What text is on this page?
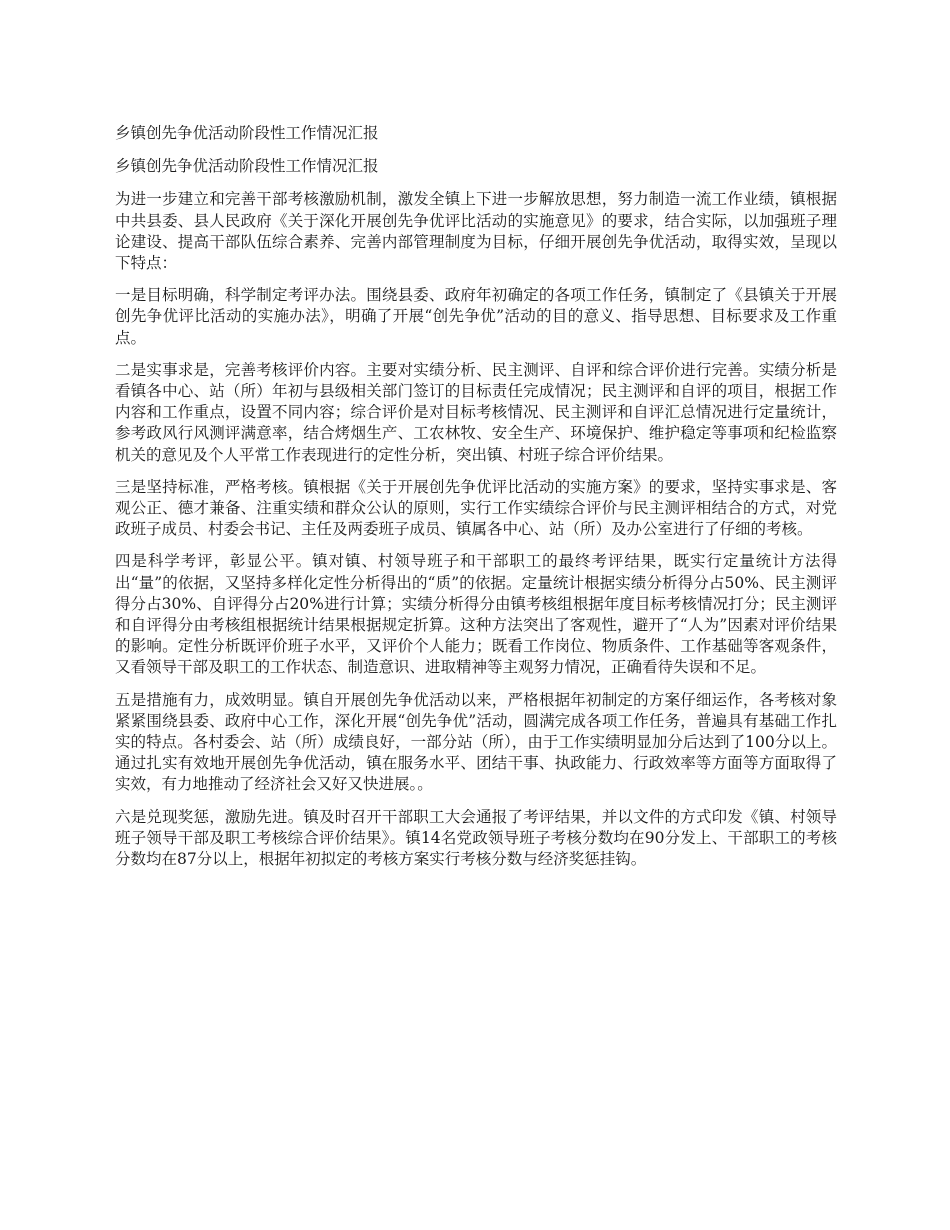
乡镇创先争优活动阶段性工作情况汇报

乡镇创先争优活动阶段性工作情况汇报

为进一步建立和完善干部考核激励机制，激发全镇上下进一步解放思想，努力制造一流工作业绩，镇根据中共县委、县人民政府《关于深化开展创先争优评比活动的实施意见》的要求，结合实际，以加强班子理论建设、提高干部队伍综合素养、完善内部管理制度为目标，仔细开展创先争优活动，取得实效，呈现以下特点：

一是目标明确，科学制定考评办法。围绕县委、政府年初确定的各项工作任务，镇制定了《县镇关于开展创先争优评比活动的实施办法》，明确了开展“创先争优”活动的目的意义、指导思想、目标要求及工作重点。

二是实事求是，完善考核评价内容。主要对实绩分析、民主测评、自评和综合评价进行完善。实绩分析是看镇各中心、站（所）年初与县级相关部门签订的目标责任完成情况；民主测评和自评的项目，根据工作内容和工作重点，设置不同内容；综合评价是对目标考核情况、民主测评和自评汇总情况进行定量统计，参考政风行风测评满意率，结合烤烟生产、工农林牧、安全生产、环境保护、维护稳定等事项和纪检监察机关的意见及个人平常工作表现进行的定性分析，突出镇、村班子综合评价结果。

三是坚持标准，严格考核。镇根据《关于开展创先争优评比活动的实施方案》的要求，坚持实事求是、客观公正、德才兼备、注重实绩和群众公认的原则，实行工作实绩综合评价与民主测评相结合的方式，对党政班子成员、村委会书记、主任及两委班子成员、镇属各中心、站（所）及办公室进行了仔细的考核。

四是科学考评，彰显公平。镇对镇、村领导班子和干部职工的最终考评结果，既实行定量统计方法得出“量”的依据，又坚持多样化定性分析得出的“质”的依据。定量统计根据实绩分析得分占50%、民主测评得分占30%、自评得分占20%进行计算；实绩分析得分由镇考核组根据年度目标考核情况打分；民主测评和自评得分由考核组根据统计结果根据规定折算。这种方法突出了客观性，避开了“人为”因素对评价结果的影响。定性分析既评价班子水平，又评价个人能力；既看工作岗位、物质条件、工作基础等客观条件，又看领导干部及职工的工作状态、制造意识、进取精神等主观努力情况，正确看待失误和不足。

五是措施有力，成效明显。镇自开展创先争优活动以来，严格根据年初制定的方案仔细运作，各考核对象紧紧围绕县委、政府中心工作，深化开展“创先争优”活动，圆满完成各项工作任务，普遍具有基础工作扎实的特点。各村委会、站（所）成绩良好，一部分站（所），由于工作实绩明显加分后达到了100分以上。通过扎实有效地开展创先争优活动，镇在服务水平、团结干事、执政能力、行政效率等方面等方面取得了实效，有力地推动了经济社会又好又快进展。。

六是兑现奖惩，激励先进。镇及时召开干部职工大会通报了考评结果，并以文件的方式印发《镇、村领导班子领导干部及职工考核综合评价结果》。镇14名党政领导班子考核分数均在90分发上、干部职工的考核分数均在87分以上，根据年初拟定的考核方案实行考核分数与经济奖惩挂钩。
